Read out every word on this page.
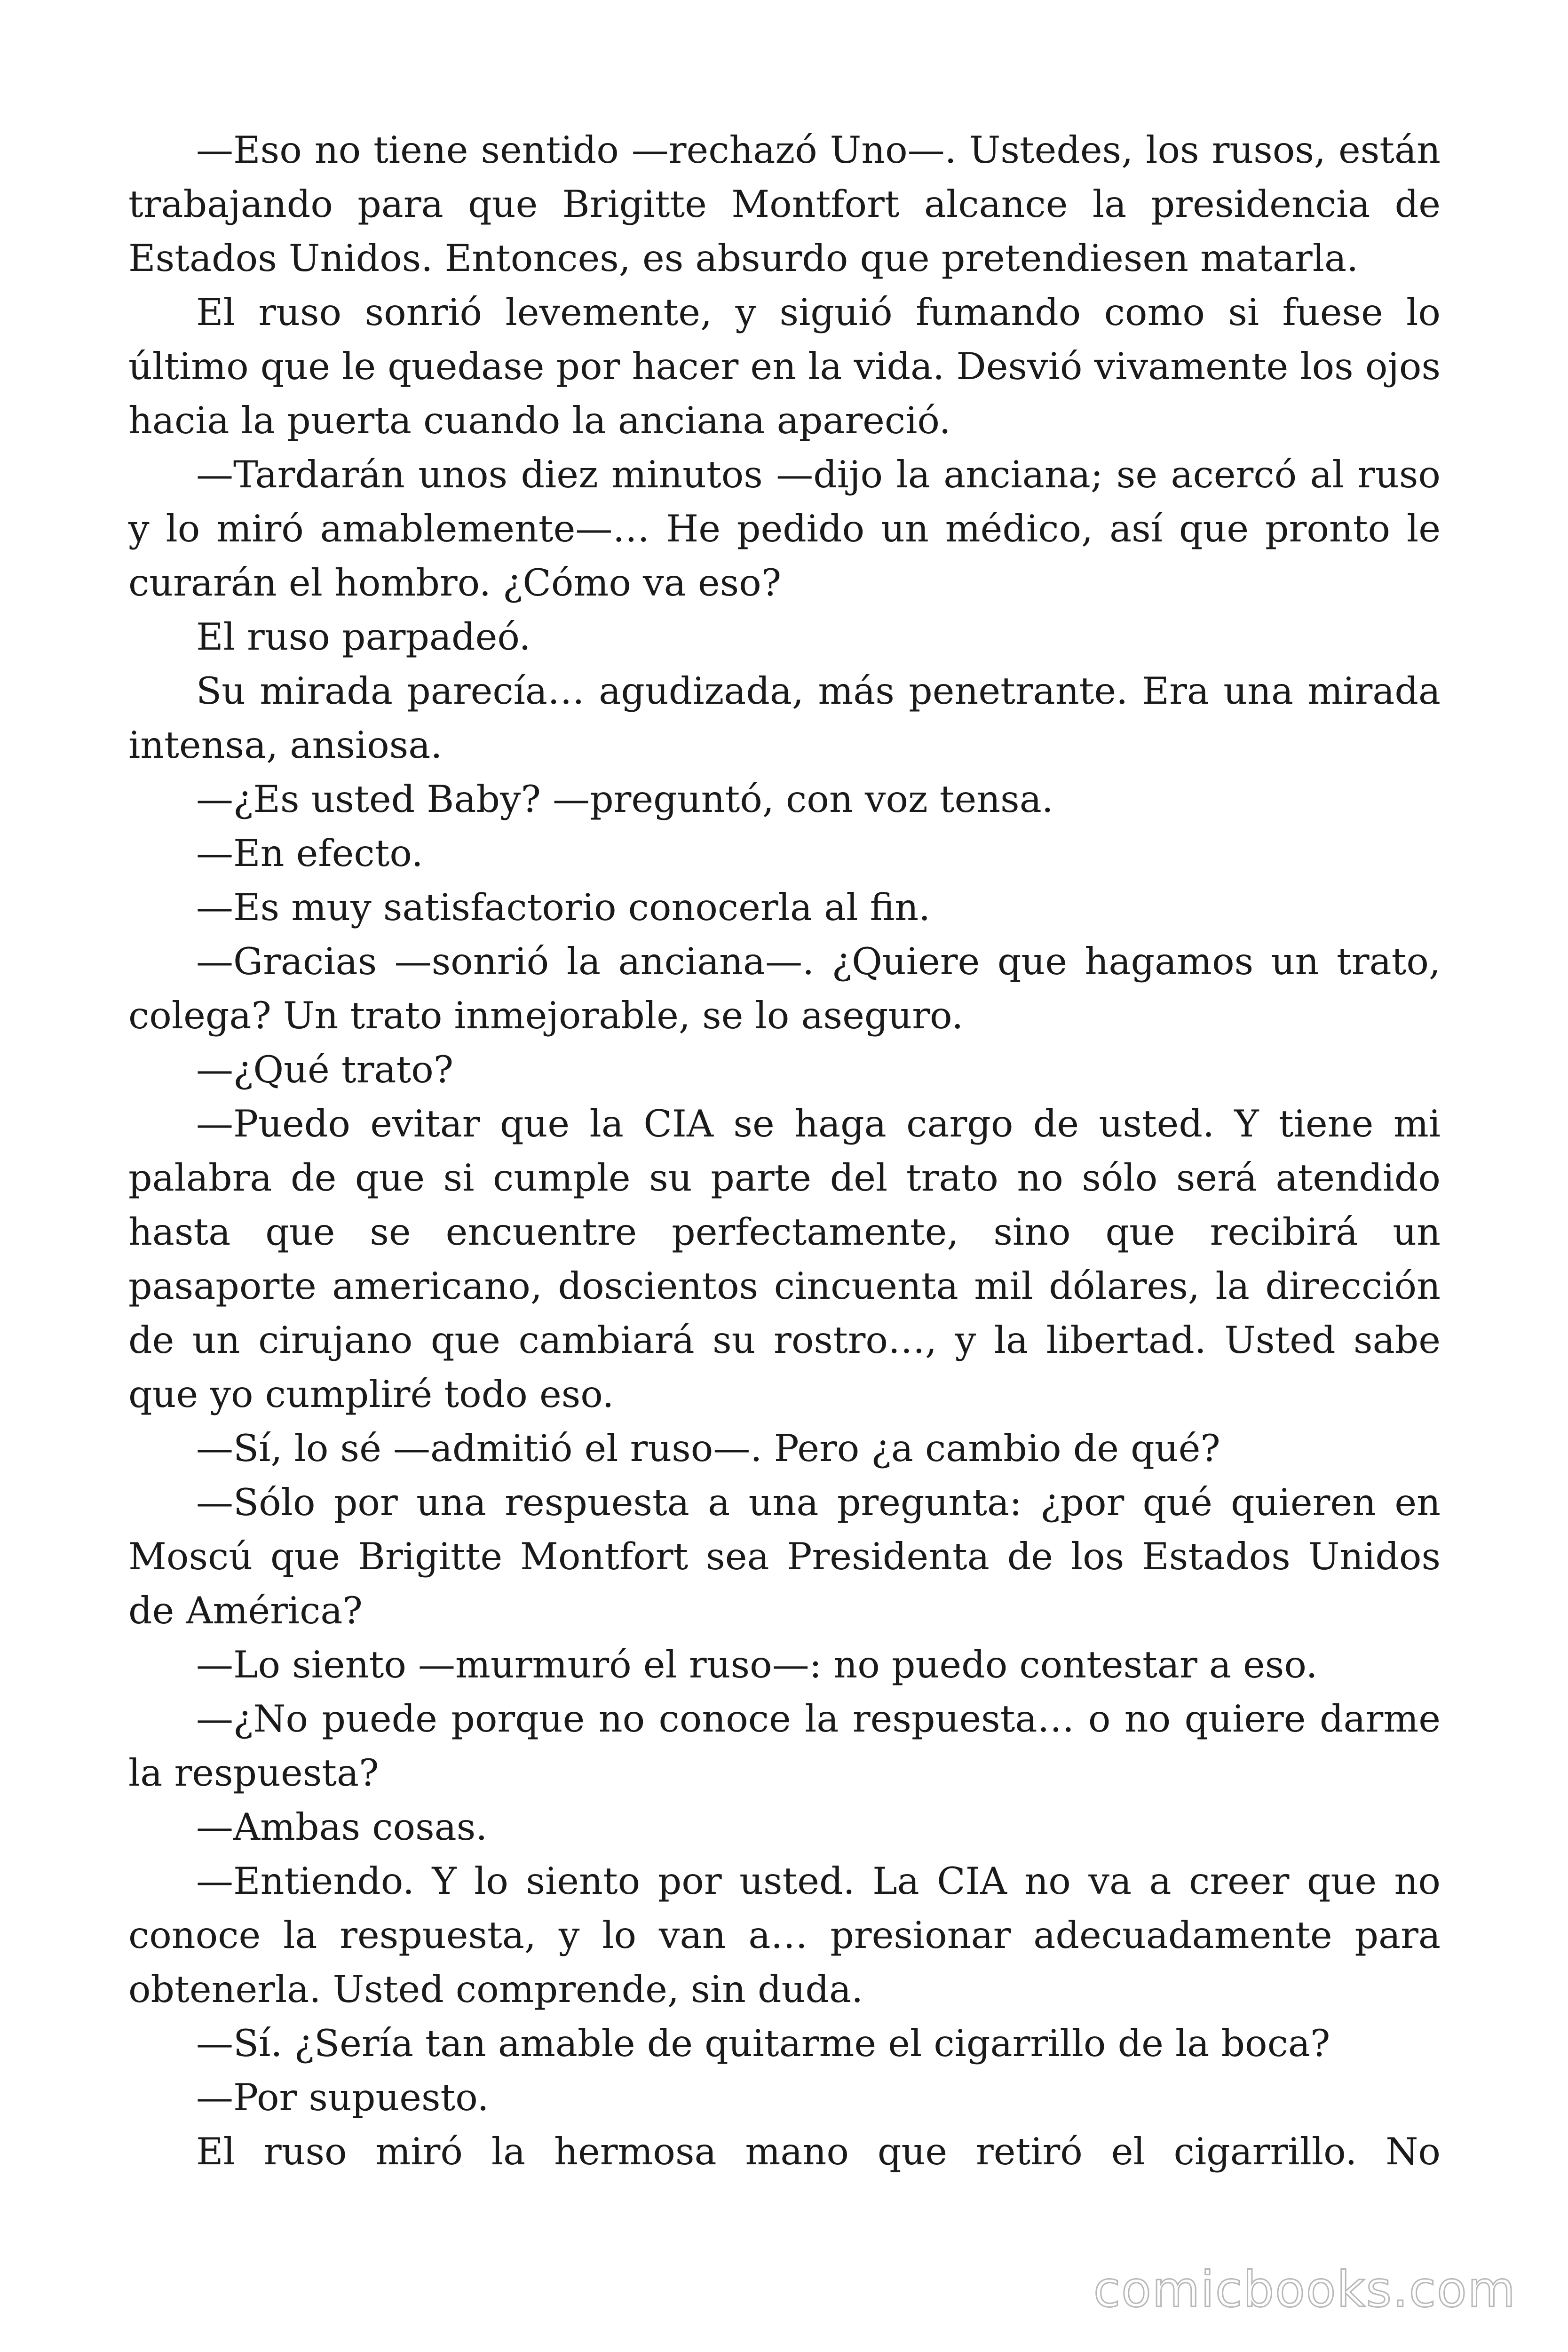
—Eso no tiene sentido —rechazó Uno—. Ustedes, los rusos, están trabajando para que Brigitte Montfort alcance la presidencia de Estados Unidos. Entonces, es absurdo que pretendiesen matarla.

El ruso sonrió levemente, y siguió fumando como si fuese lo último que le quedase por hacer en la vida. Desvió vivamente los ojos hacia la puerta cuando la anciana apareció.

—Tardarán unos diez minutos —dijo la anciana; se acercó al ruso y lo miró amablemente—… He pedido un médico, así que pronto le curarán el hombro. ¿Cómo va eso?

El ruso parpadeó.

Su mirada parecía… agudizada, más penetrante. Era una mirada intensa, ansiosa.

—¿Es usted Baby? —preguntó, con voz tensa.

—En efecto.

—Es muy satisfactorio conocerla al fin.

—Gracias —sonrió la anciana—. ¿Quiere que hagamos un trato, colega? Un trato inmejorable, se lo aseguro.

—¿Qué trato?

—Puedo evitar que la CIA se haga cargo de usted. Y tiene mi palabra de que si cumple su parte del trato no sólo será atendido hasta que se encuentre perfectamente, sino que recibirá un pasaporte americano, doscientos cincuenta mil dólares, la dirección de un cirujano que cambiará su rostro…, y la libertad. Usted sabe que yo cumpliré todo eso.

—Sí, lo sé —admitió el ruso—. Pero ¿a cambio de qué?

—Sólo por una respuesta a una pregunta: ¿por qué quieren en Moscú que Brigitte Montfort sea Presidenta de los Estados Unidos de América?

—Lo siento —murmuró el ruso—: no puedo contestar a eso.

—¿No puede porque no conoce la respuesta… o no quiere darme la respuesta?

—Ambas cosas.

—Entiendo. Y lo siento por usted. La CIA no va a creer que no conoce la respuesta, y lo van a… presionar adecuadamente para obtenerla. Usted comprende, sin duda.

—Sí. ¿Sería tan amable de quitarme el cigarrillo de la boca?

—Por supuesto.

El ruso miró la hermosa mano que retiró el cigarrillo. No

comicbooks.com
